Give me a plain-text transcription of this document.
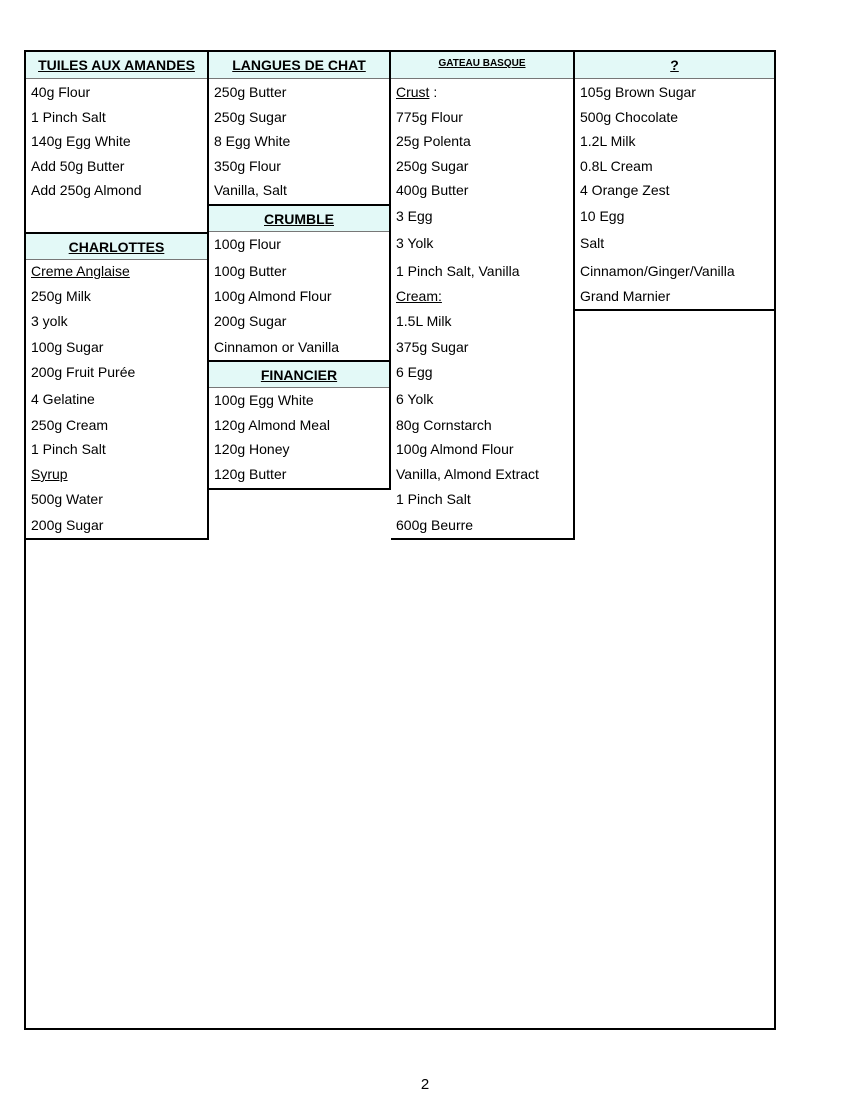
TUILES AUX AMANDES
40g Flour
1 Pinch Salt
140g Egg White
Add 50g Butter
Add 250g Almond
CHARLOTTES
Creme Anglaise
250g Milk
3 yolk
100g Sugar
200g Fruit Purée
4 Gelatine
250g Cream
1 Pinch Salt
Syrup
500g Water
200g Sugar
LANGUES DE CHAT
250g Butter
250g Sugar
8 Egg White
350g Flour
Vanilla, Salt
CRUMBLE
100g Flour
100g Butter
100g Almond Flour
200g Sugar
Cinnamon or Vanilla
FINANCIER
100g Egg White
120g Almond Meal
120g Honey
120g Butter
GATEAU BASQUE
Crust :
775g Flour
25g Polenta
250g Sugar
400g Butter
3 Egg
3 Yolk
1 Pinch Salt, Vanilla
Cream:
1.5L Milk
375g Sugar
6 Egg
6 Yolk
80g Cornstarch
100g Almond Flour
Vanilla, Almond Extract
1 Pinch Salt
600g Beurre
?
105g Brown Sugar
500g Chocolate
1.2L Milk
0.8L Cream
4 Orange Zest
10 Egg
Salt
Cinnamon/Ginger/Vanilla
Grand Marnier
2
